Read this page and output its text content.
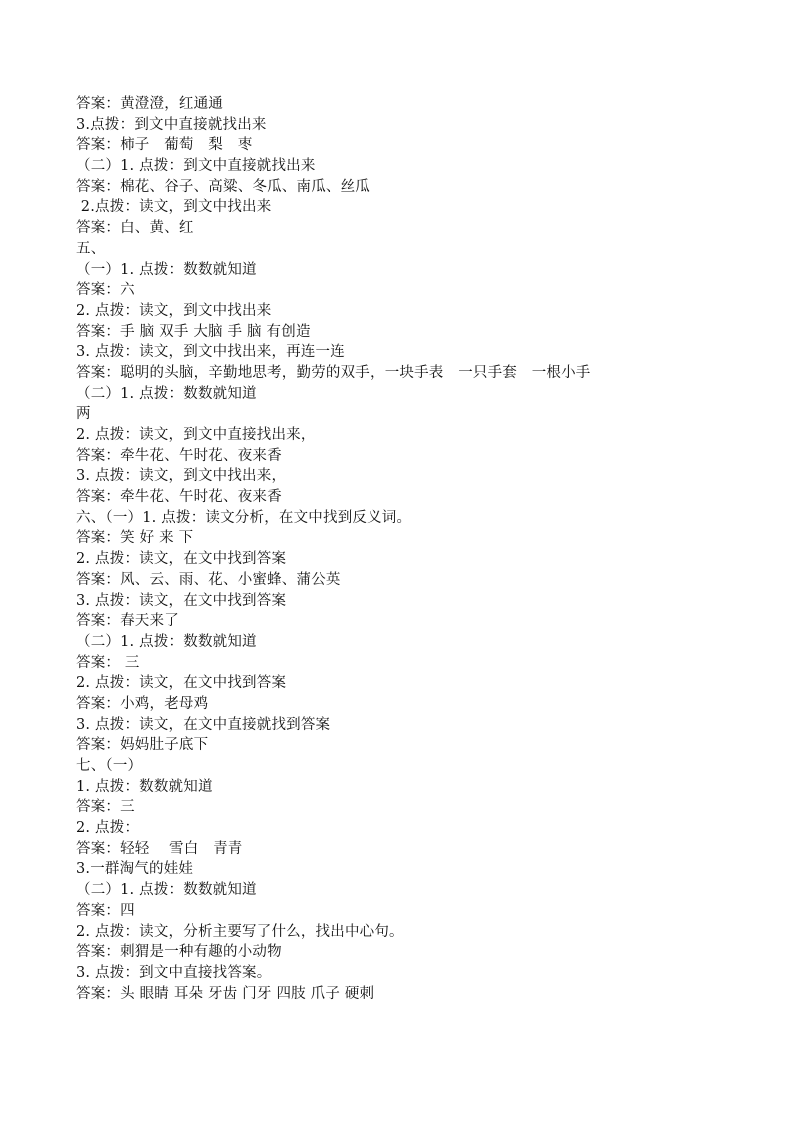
答案：黄澄澄，红通通
3.点拨：到文中直接就找出来
答案：柿子　葡萄　梨　枣
（二）1. 点拨：到文中直接就找出来
答案：棉花、谷子、高粱、冬瓜、南瓜、丝瓜
2.点拨：读文，到文中找出来
答案：白、黄、红
五、
（一）1. 点拨：数数就知道
答案：六
2. 点拨：读文，到文中找出来
答案：手 脑 双手 大脑 手 脑 有创造
3. 点拨：读文，到文中找出来，再连一连
答案：聪明的头脑，辛勤地思考，勤劳的双手，一块手表　一只手套　一根小手
（二）1. 点拨：数数就知道
两
2. 点拨：读文，到文中直接找出来，
答案：牵牛花、午时花、夜来香
3. 点拨：读文，到文中找出来，
答案：牵牛花、午时花、夜来香
六、（一）1. 点拨：读文分析，在文中找到反义词。
答案：笑 好 来 下
2. 点拨：读文，在文中找到答案
答案：风、云、雨、花、小蜜蜂、蒲公英
3. 点拨：读文，在文中找到答案
答案：春天来了
（二）1. 点拨：数数就知道
答案： 三
2. 点拨：读文，在文中找到答案
答案：小鸡，老母鸡
3. 点拨：读文，在文中直接就找到答案
答案：妈妈肚子底下
七、（一）
1. 点拨：数数就知道
答案：三
2. 点拨：
答案：轻轻　 雪白　青青
3.一群淘气的娃娃
（二）1. 点拨：数数就知道
答案：四
2. 点拨：读文，分析主要写了什么，找出中心句。
答案：刺猬是一种有趣的小动物
3. 点拨：到文中直接找答案。
答案：头 眼睛 耳朵 牙齿 门牙 四肢 爪子 硬刺
